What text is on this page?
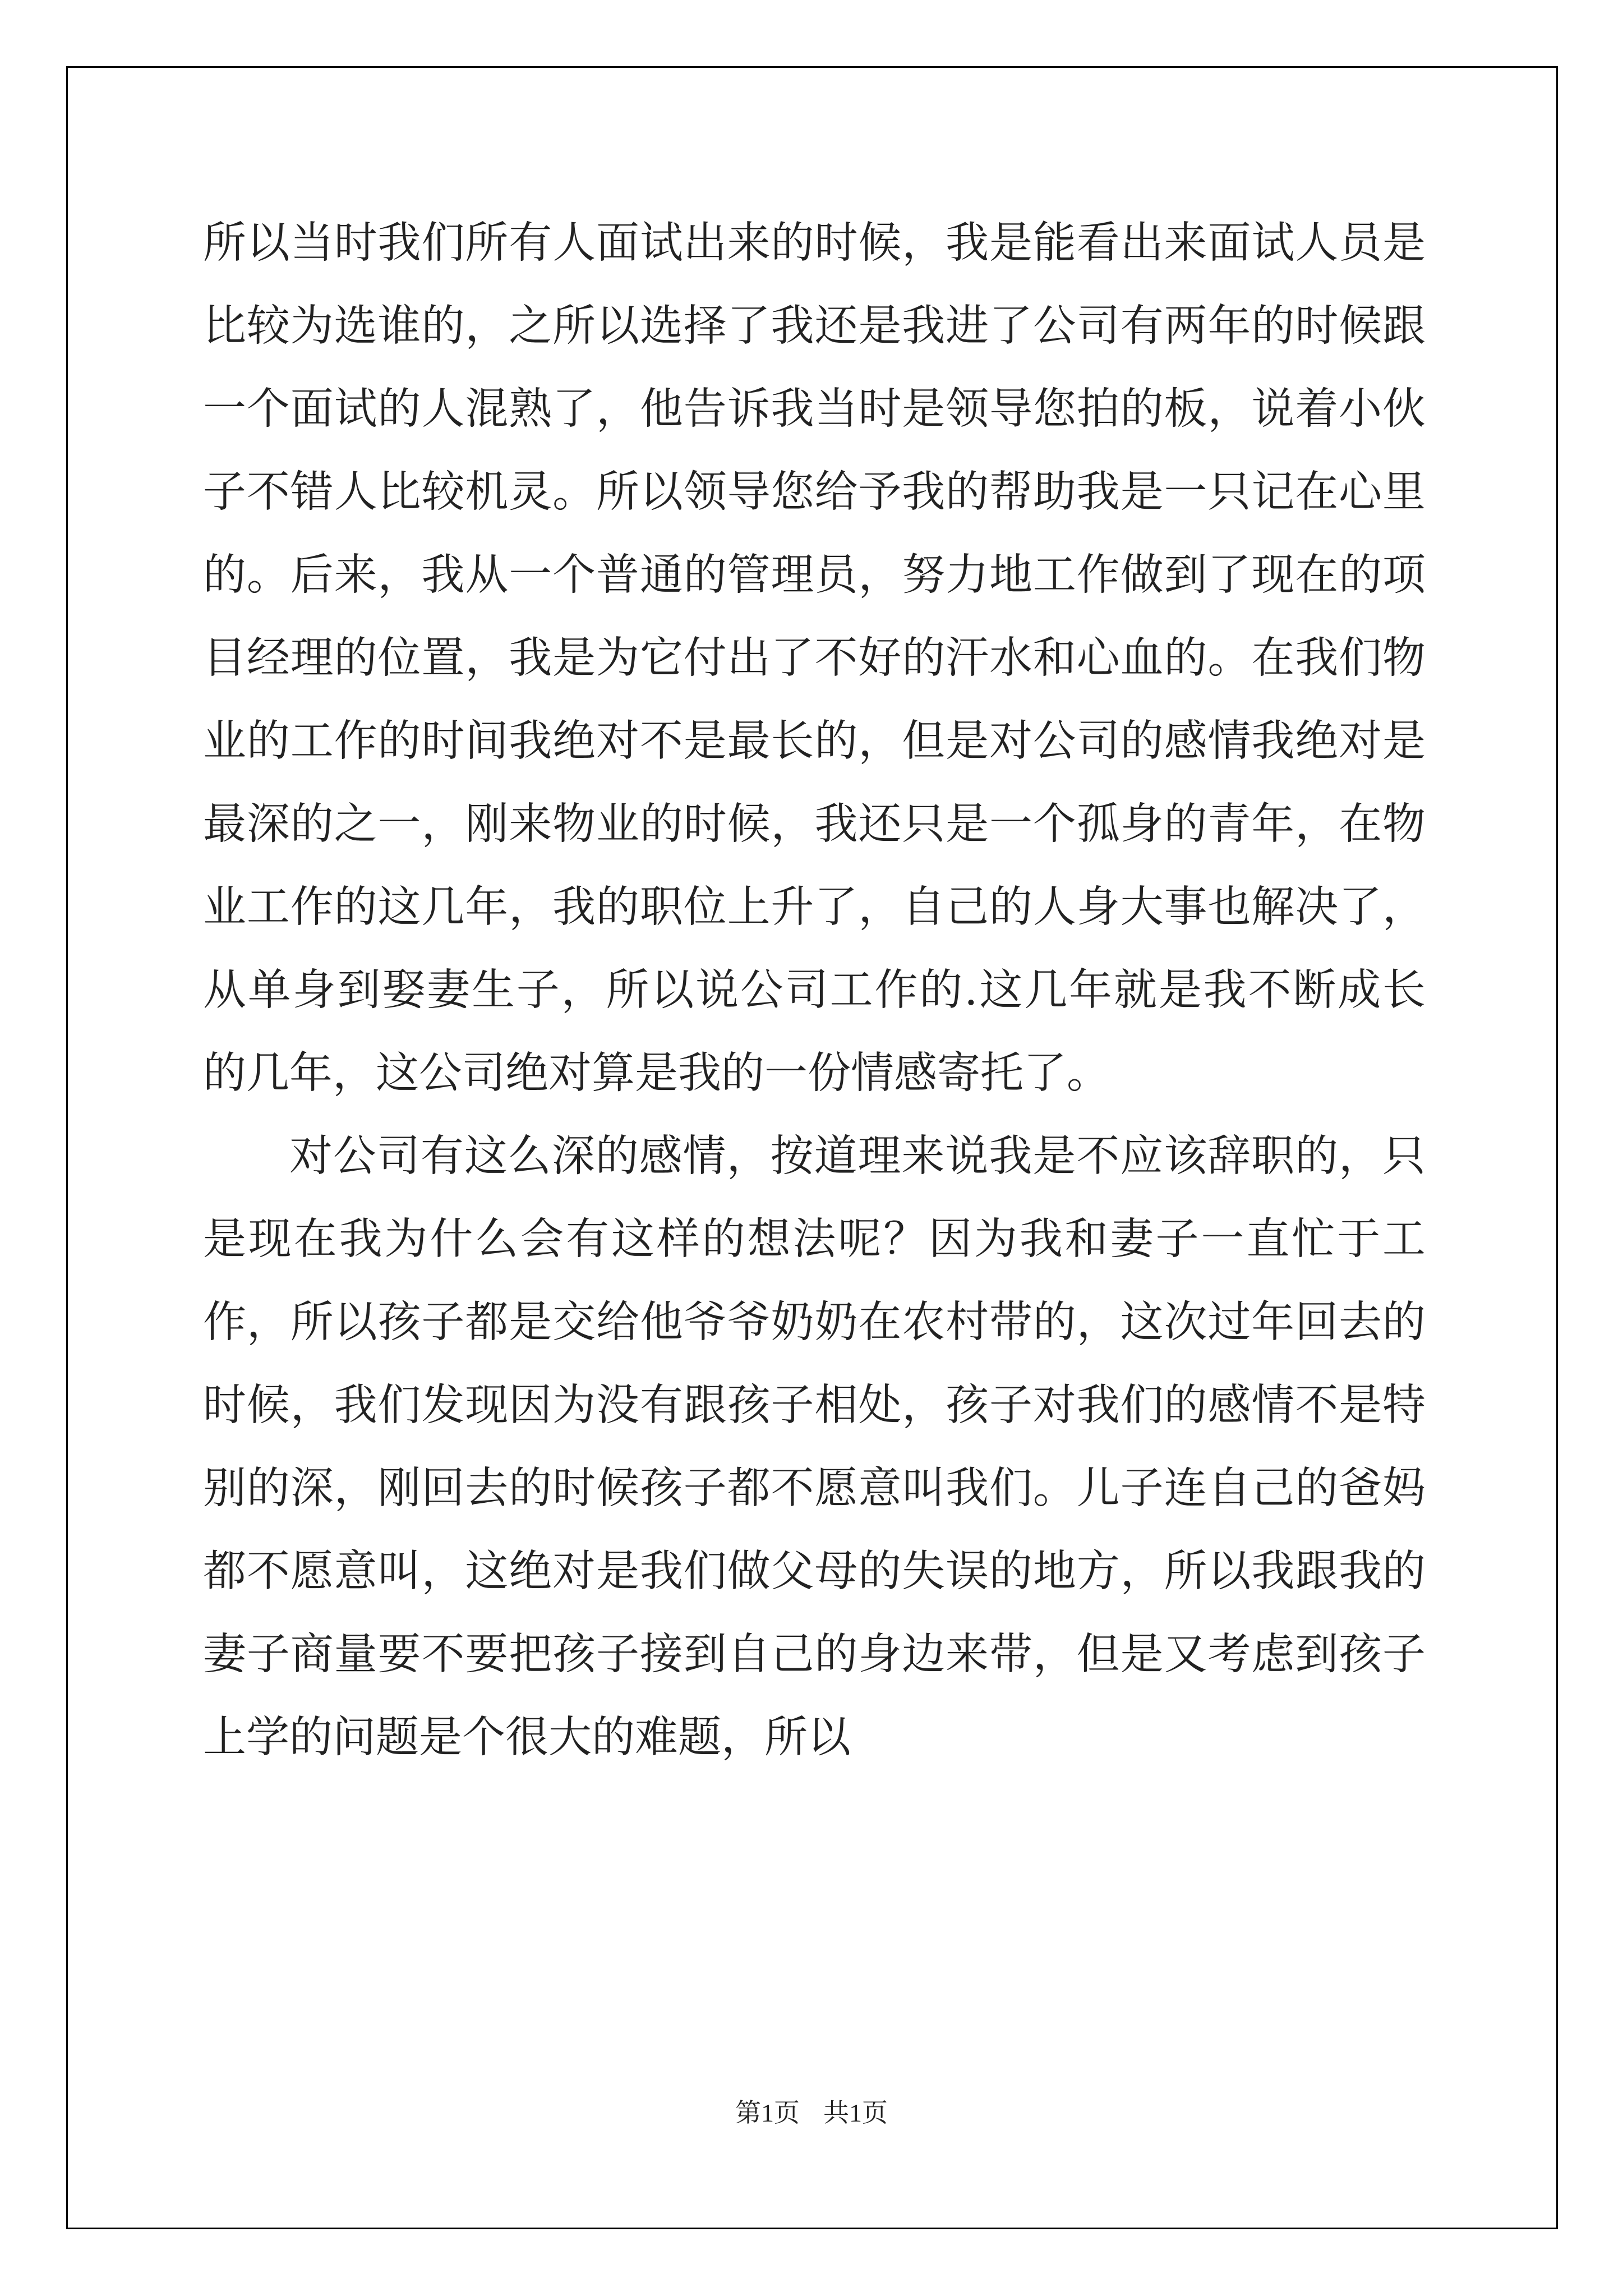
所以当时我们所有人面试出来的时候，我是能看出来面试人员是比较为选谁的，之所以选择了我还是我进了公司有两年的时候跟一个面试的人混熟了，他告诉我当时是领导您拍的板，说着小伙子不错人比较机灵。所以领导您给予我的帮助我是一只记在心里的。后来，我从一个普通的管理员，努力地工作做到了现在的项目经理的位置，我是为它付出了不好的汗水和心血的。在我们物业的工作的时间我绝对不是最长的，但是对公司的感情我绝对是最深的之一，刚来物业的时候，我还只是一个孤身的青年，在物业工作的这几年，我的职位上升了，自己的人身大事也解决了，从单身到娶妻生子，所以说公司工作的.这几年就是我不断成长的几年，这公司绝对算是我的一份情感寄托了。

对公司有这么深的感情，按道理来说我是不应该辞职的，只是现在我为什么会有这样的想法呢？因为我和妻子一直忙于工作，所以孩子都是交给他爷爷奶奶在农村带的，这次过年回去的时候，我们发现因为没有跟孩子相处，孩子对我们的感情不是特别的深，刚回去的时候孩子都不愿意叫我们。儿子连自己的爸妈都不愿意叫，这绝对是我们做父母的失误的地方，所以我跟我的妻子商量要不要把孩子接到自己的身边来带，但是又考虑到孩子上学的问题是个很大的难题，所以

第1页 共1页
